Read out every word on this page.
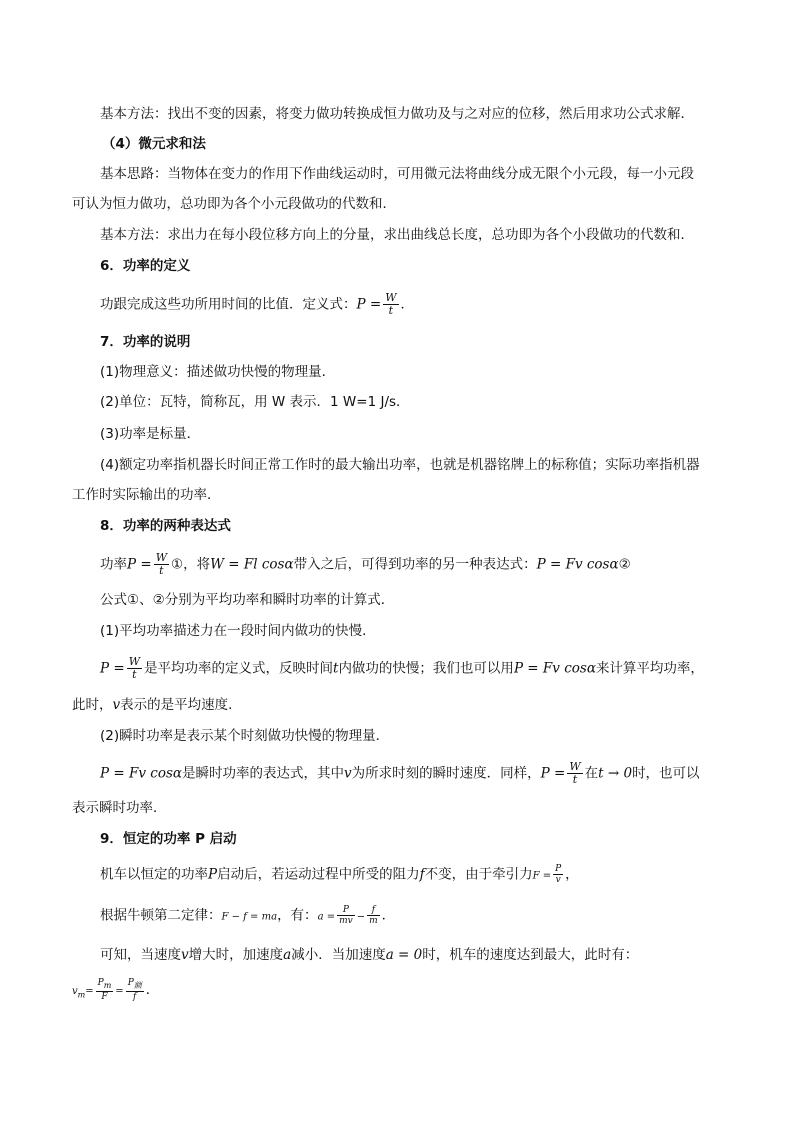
基本方法：找出不变的因素，将变力做功转换成恒力做功及与之对应的位移，然后用求功公式求解．
（4）微元求和法
基本思路：当物体在变力的作用下作曲线运动时，可用微元法将曲线分成无限个小元段，每一小元段
可认为恒力做功，总功即为各个小元段做功的代数和．
基本方法：求出力在每小段位移方向上的分量，求出曲线总长度，总功即为各个小段做功的代数和．
6．功率的定义
功跟完成这些功所用时间的比值．定义式：$P = \frac{W}{t}$ ．
7．功率的说明
(1)物理意义：描述做功快慢的物理量．
(2)单位：瓦特，简称瓦，用 W 表示．1 W=1 J/s．
(3)功率是标量．
(4)额定功率指机器长时间正常工作时的最大输出功率，也就是机器铭牌上的标称值；实际功率指机器
工作时实际输出的功率．
8．功率的两种表达式
功率$P = \frac{W}{t}$ ①，将W = Fl cosα带入之后，可得到功率的另一种表达式：P = Fv cosα②
公式①、②分别为平均功率和瞬时功率的计算式．
(1)平均功率描述力在一段时间内做功的快慢．
$P = \frac{W}{t}$ 是平均功率的定义式，反映时间t内做功的快慢；我们也可以用P = Fv cosα来计算平均功率，
此时，v表示的是平均速度．
(2)瞬时功率是表示某个时刻做功快慢的物理量．
P = Fv cosα是瞬时功率的表达式，其中v为所求时刻的瞬时速度．同样，$P = \frac{W}{t}$ 在t → 0时，也可以
表示瞬时功率．
9．恒定的功率 P 启动
机车以恒定的功率P启动后，若运动过程中所受的阻力f不变，由于牵引力$F = \frac{P}{v}$ ，
根据牛顿第二定律：F − f = ma，有：$a = \frac{P}{mv} - \frac{f}{m}$ ．
可知，当速度v增大时，加速度a减小．当加速度a = 0时，机车的速度达到最大，此时有：
$v_m= \frac{P_m}{F} = \frac{P_额}{f}$ ．
